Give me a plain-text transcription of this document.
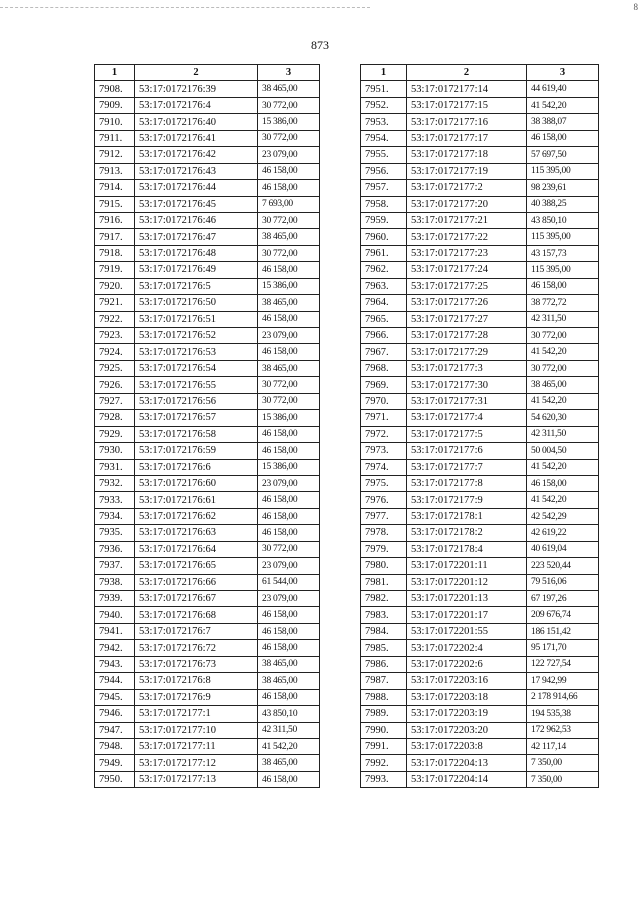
8
873
1	2	3
7908.	53:17:0172176:39	38 465,00
7909.	53:17:0172176:4	30 772,00
7910.	53:17:0172176:40	15 386,00
7911.	53:17:0172176:41	30 772,00
7912.	53:17:0172176:42	23 079,00
7913.	53:17:0172176:43	46 158,00
7914.	53:17:0172176:44	46 158,00
7915.	53:17:0172176:45	7 693,00
7916.	53:17:0172176:46	30 772,00
7917.	53:17:0172176:47	38 465,00
7918.	53:17:0172176:48	30 772,00
7919.	53:17:0172176:49	46 158,00
7920.	53:17:0172176:5	15 386,00
7921.	53:17:0172176:50	38 465,00
7922.	53:17:0172176:51	46 158,00
7923.	53:17:0172176:52	23 079,00
7924.	53:17:0172176:53	46 158,00
7925.	53:17:0172176:54	38 465,00
7926.	53:17:0172176:55	30 772,00
7927.	53:17:0172176:56	30 772,00
7928.	53:17:0172176:57	15 386,00
7929.	53:17:0172176:58	46 158,00
7930.	53:17:0172176:59	46 158,00
7931.	53:17:0172176:6	15 386,00
7932.	53:17:0172176:60	23 079,00
7933.	53:17:0172176:61	46 158,00
7934.	53:17:0172176:62	46 158,00
7935.	53:17:0172176:63	46 158,00
7936.	53:17:0172176:64	30 772,00
7937.	53:17:0172176:65	23 079,00
7938.	53:17:0172176:66	61 544,00
7939.	53:17:0172176:67	23 079,00
7940.	53:17:0172176:68	46 158,00
7941.	53:17:0172176:7	46 158,00
7942.	53:17:0172176:72	46 158,00
7943.	53:17:0172176:73	38 465,00
7944.	53:17:0172176:8	38 465,00
7945.	53:17:0172176:9	46 158,00
7946.	53:17:0172177:1	43 850,10
7947.	53:17:0172177:10	42 311,50
7948.	53:17:0172177:11	41 542,20
7949.	53:17:0172177:12	38 465,00
7950.	53:17:0172177:13	46 158,00
1	2	3
7951.	53:17:0172177:14	44 619,40
7952.	53:17:0172177:15	41 542,20
7953.	53:17:0172177:16	38 388,07
7954.	53:17:0172177:17	46 158,00
7955.	53:17:0172177:18	57 697,50
7956.	53:17:0172177:19	115 395,00
7957.	53:17:0172177:2	98 239,61
7958.	53:17:0172177:20	40 388,25
7959.	53:17:0172177:21	43 850,10
7960.	53:17:0172177:22	115 395,00
7961.	53:17:0172177:23	43 157,73
7962.	53:17:0172177:24	115 395,00
7963.	53:17:0172177:25	46 158,00
7964.	53:17:0172177:26	38 772,72
7965.	53:17:0172177:27	42 311,50
7966.	53:17:0172177:28	30 772,00
7967.	53:17:0172177:29	41 542,20
7968.	53:17:0172177:3	30 772,00
7969.	53:17:0172177:30	38 465,00
7970.	53:17:0172177:31	41 542,20
7971.	53:17:0172177:4	54 620,30
7972.	53:17:0172177:5	42 311,50
7973.	53:17:0172177:6	50 004,50
7974.	53:17:0172177:7	41 542,20
7975.	53:17:0172177:8	46 158,00
7976.	53:17:0172177:9	41 542,20
7977.	53:17:0172178:1	42 542,29
7978.	53:17:0172178:2	42 619,22
7979.	53:17:0172178:4	40 619,04
7980.	53:17:0172201:11	223 520,44
7981.	53:17:0172201:12	79 516,06
7982.	53:17:0172201:13	67 197,26
7983.	53:17:0172201:17	209 676,74
7984.	53:17:0172201:55	186 151,42
7985.	53:17:0172202:4	95 171,70
7986.	53:17:0172202:6	122 727,54
7987.	53:17:0172203:16	17 942,99
7988.	53:17:0172203:18	2 178 914,66
7989.	53:17:0172203:19	194 535,38
7990.	53:17:0172203:20	172 962,53
7991.	53:17:0172203:8	42 117,14
7992.	53:17:0172204:13	7 350,00
7993.	53:17:0172204:14	7 350,00
